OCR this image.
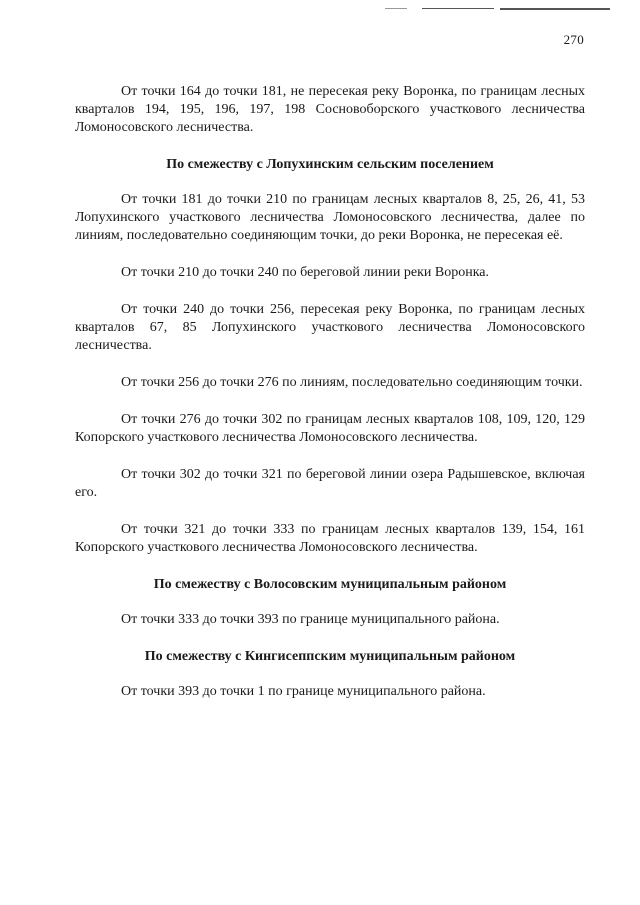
270

От точки 164 до точки 181, не пересекая реку Воронка, по границам лесных кварталов 194, 195, 196, 197, 198 Сосновоборского участкового лесничества Ломоносовского лесничества.

По смежеству с Лопухинским сельским поселением

От точки 181 до точки 210 по границам лесных кварталов 8, 25, 26, 41, 53 Лопухинского участкового лесничества Ломоносовского лесничества, далее по линиям, последовательно соединяющим точки, до реки Воронка, не пересекая её.

От точки 210 до точки 240 по береговой линии реки Воронка.

От точки 240 до точки 256, пересекая реку Воронка, по границам лесных кварталов 67, 85 Лопухинского участкового лесничества Ломоносовского лесничества.

От точки 256 до точки 276 по линиям, последовательно соединяющим точки.

От точки 276 до точки 302 по границам лесных кварталов 108, 109, 120, 129 Копорского участкового лесничества Ломоносовского лесничества.

От точки 302 до точки 321 по береговой линии озера Радышевское, включая его.

От точки 321 до точки 333 по границам лесных кварталов 139, 154, 161 Копорского участкового лесничества Ломоносовского лесничества.

По смежеству с Волосовским муниципальным районом

От точки 333 до точки 393 по границе муниципального района.

По смежеству с Кингисеппским муниципальным районом

От точки 393 до точки 1 по границе муниципального района.
